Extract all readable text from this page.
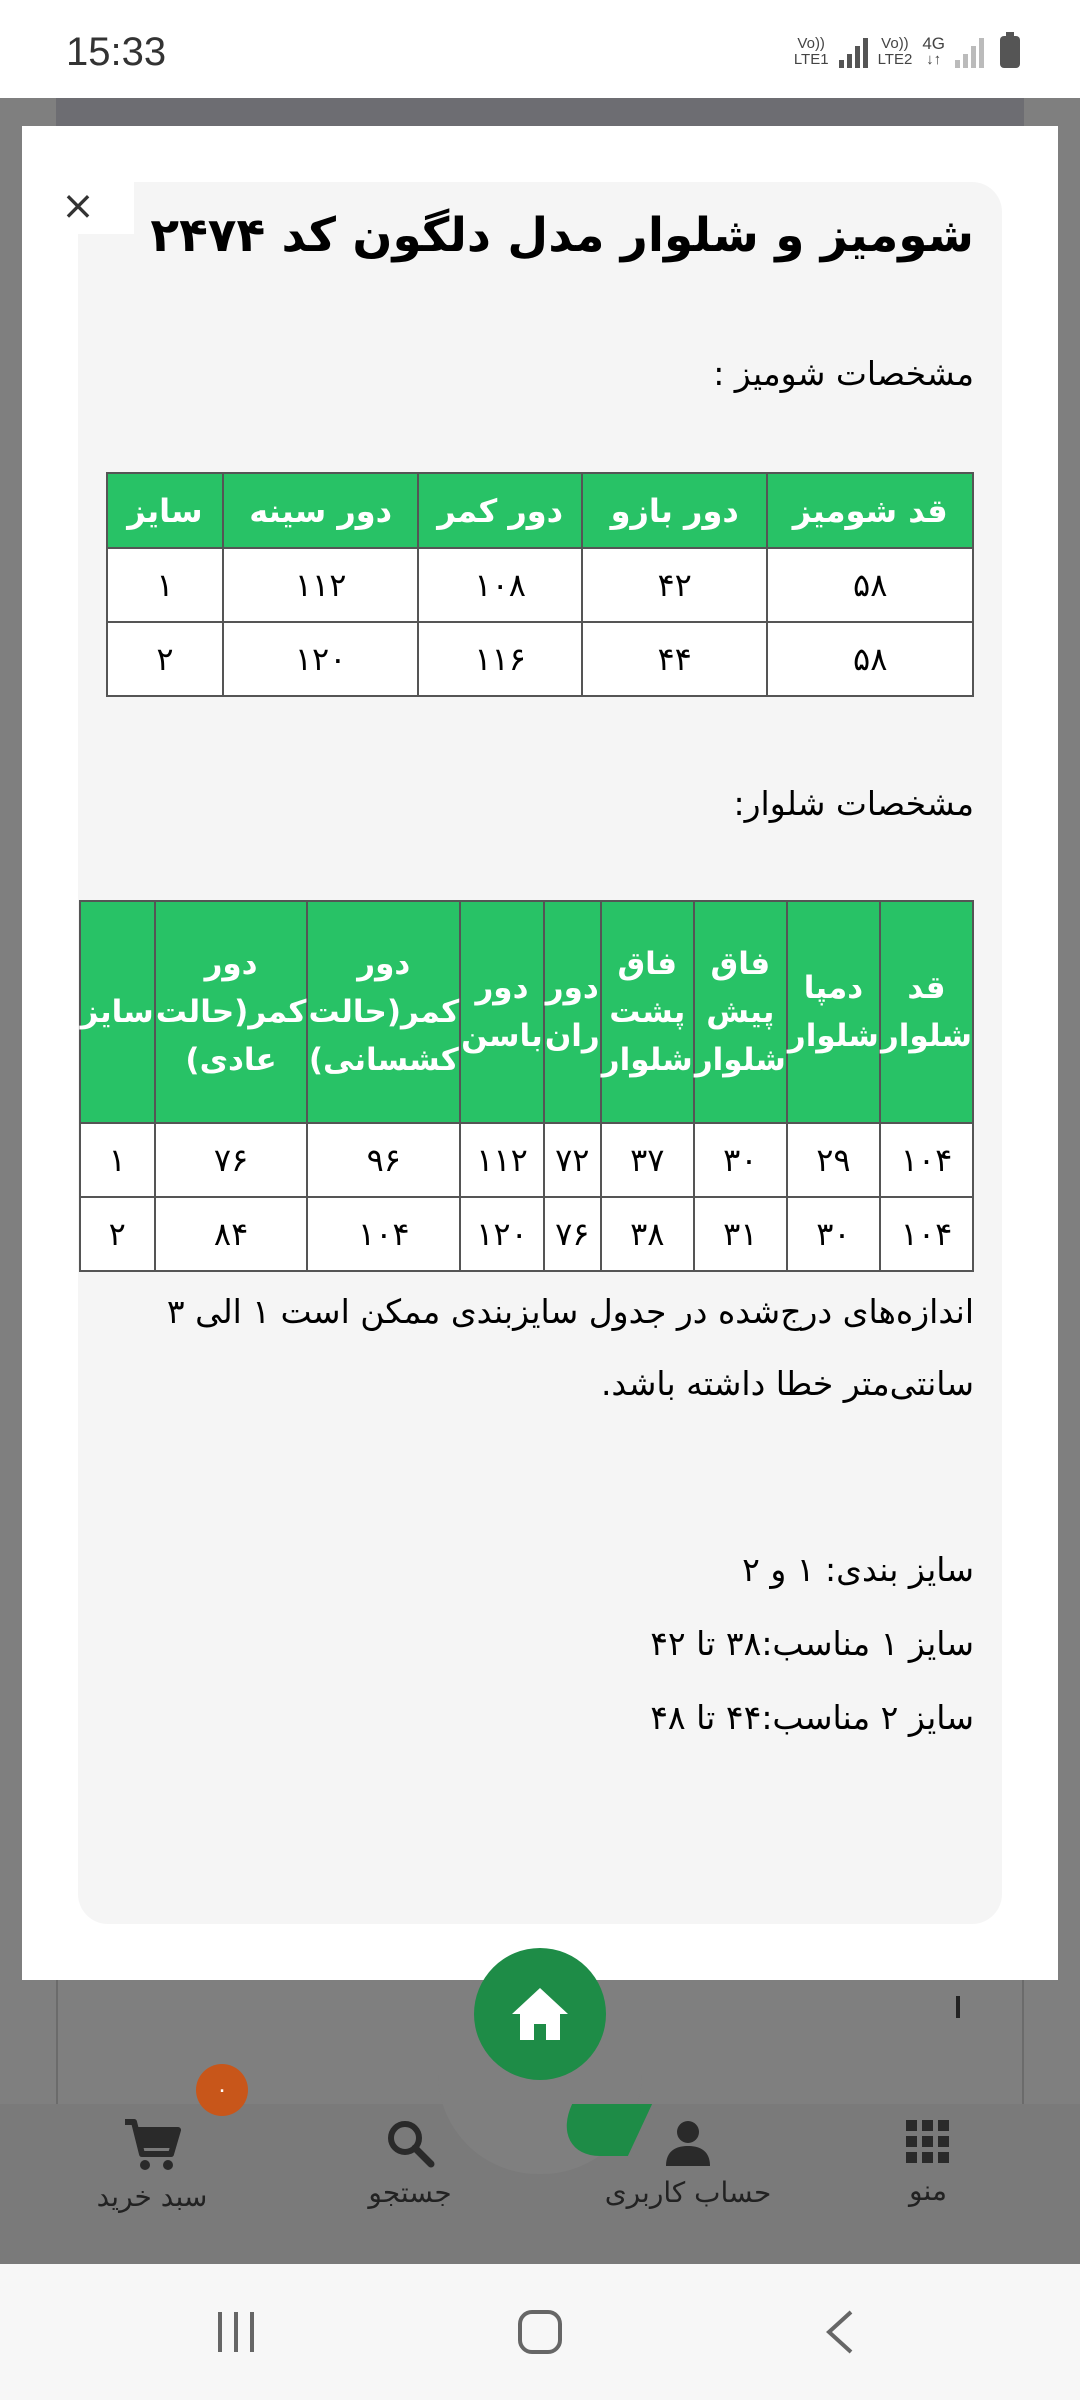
15:33	Vo))
LTE1
Vo))
LTE2
4G
↓↑
×
شومیز و شلوار مدل دلگون کد ۲۴۷۴
مشخصات شومیز :
قد شومیز	دور بازو	دور کمر	دور سینه	سایز
۵۸	۴۲	۱۰۸	۱۱۲	۱
۵۸	۴۴	۱۱۶	۱۲۰	۲
مشخصات شلوار:
قد شلوار	دمپا شلوار	فاق پیش شلوار	فاق پشت شلوار	دور ران	دور باسن	دور کمر(حالت کشسانی)	دور کمر(حالت عادی)	سایز
۱۰۴	۲۹	۳۰	۳۷	۷۲	۱۱۲	۹۶	۷۶	۱
۱۰۴	۳۰	۳۱	۳۸	۷۶	۱۲۰	۱۰۴	۸۴	۲
اندازه‌های درج‌شده در جدول سایزبندی ممکن است ۱ الی ۳ سانتی‌متر خطا داشته باشد.
سایز بندی: ۱ و ۲
سایز ۱ مناسب:۳۸ تا ۴۲
سایز ۲ مناسب:۴۴ تا ۴۸
منو
حساب کاربری
جستجو
سبد خرید
۰
